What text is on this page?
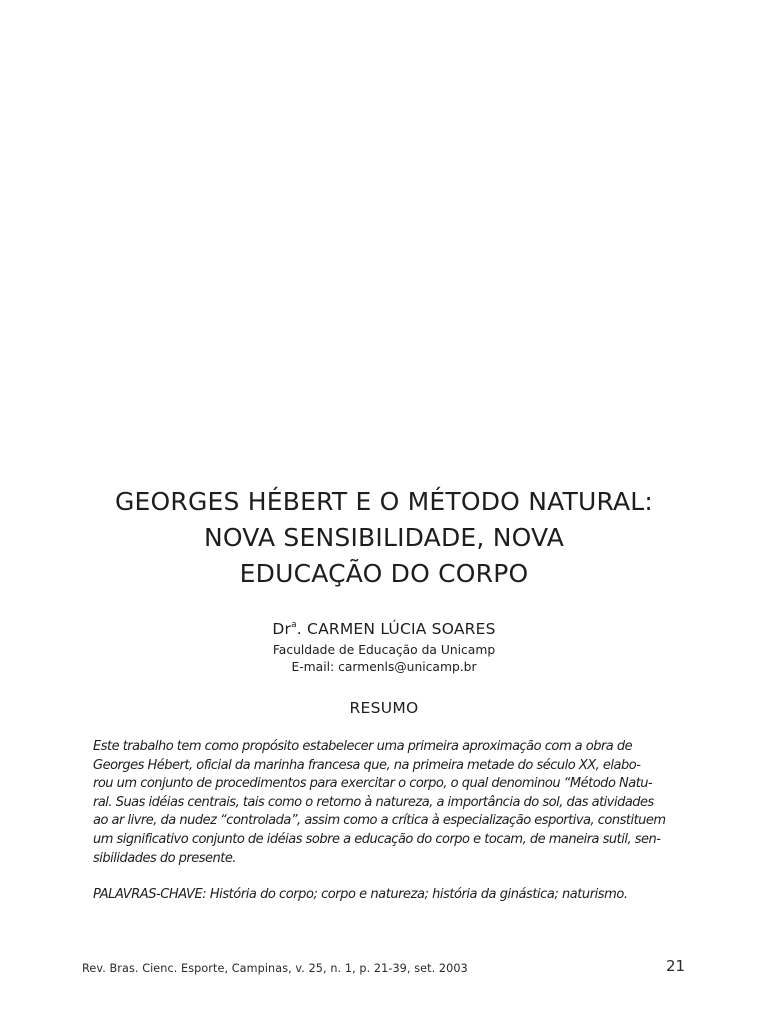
GEORGES HÉBERT E O MÉTODO NATURAL:
NOVA SENSIBILIDADE, NOVA
EDUCAÇÃO DO CORPO
Dr$^a$. CARMEN LÚCIA SOARES
Faculdade de Educação da Unicamp
E-mail: carmenls@unicamp.br
RESUMO
Este trabalho tem como propósito estabelecer uma primeira aproximação com a obra de
Georges Hébert, oficial da marinha francesa que, na primeira metade do século XX, elabo-
rou um conjunto de procedimentos para exercitar o corpo, o qual denominou “Método Natu-
ral. Suas idéias centrais, tais como o retorno à natureza, a importância do sol, das atividades
ao ar livre, da nudez “controlada”, assim como a crítica à especialização esportiva, constituem
um significativo conjunto de idéias sobre a educação do corpo e tocam, de maneira sutil, sen-
sibilidades do presente.
PALAVRAS-CHAVE: História do corpo; corpo e natureza; história da ginástica; naturismo.
Rev. Bras. Cienc. Esporte, Campinas, v. 25, n. 1, p. 21-39, set. 2003	21
